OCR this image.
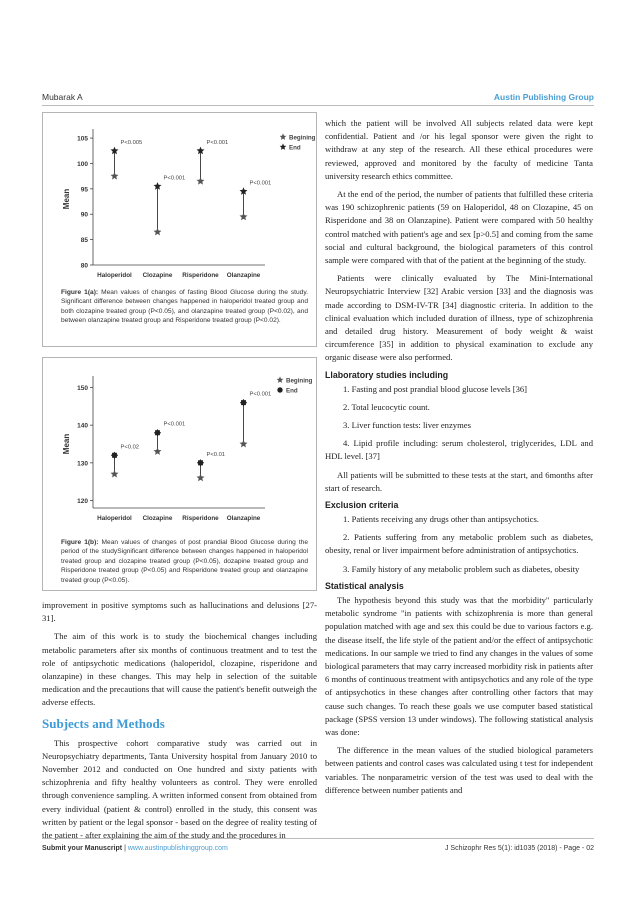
Mubarak A	Austin Publishing Group
80
85
90
95
100
105
Mean
Haloperidol Clozapine Risperidone Olanzapine
P<0.005
P<0.001
P<0.001
P<0.001
Begining
End
Figure 1(a): Mean values of changes of fasting Blood Glucose during the study. Significant difference between changes happened in haloperidol treated group and both clozapine treated group (P<0.05), and olanzapine treated group (P<0.02), and between olanzapine treated group and Risperidone treated group (P<0.02).
120
130
140
150
Mean
Haloperidol Clozapine Risperidone Olanzapine
P<0.02
P<0.001
P<0.01
P<0.001
Begining
End
Figure 1(b): Mean values of changes of post prandial Blood Glucose during the period of the studySignificant difference between changes happened in haloperidol treated group and clozapine treated group (P<0.05), dozapine treated group and Risperidone treated group (P<0.05) and Risperidone treated group and olanzapine treated group (P<0.05).

improvement in positive symptoms such as hallucinations and delusions [27-31].

The aim of this work is to study the biochemical changes including metabolic parameters after six months of continuous treatment and to test the role of antipsychotic medications (haloperidol, clozapine, risperidone and olanzapine) in these changes. This may help in selection of the suitable medication and the precautions that will cause the patient's benefit outweigh the adverse effects.

Subjects and Methods

This prospective cohort comparative study was carried out in Neuropsychiatry departments, Tanta University hospital from January 2010 to November 2012 and conducted on One hundred and sixty patients with schizophrenia and fifty healthy volunteers as control. They were enrolled through convenience sampling. A written informed consent from obtained from every individual (patient & control) enrolled in the study, this consent was written by patient or the legal sponsor - based on the degree of reality testing of the patient - after explaining the aim of the study and the procedures in

which the patient will be involved All subjects related data were kept confidential. Patient and /or his legal sponsor were given the right to withdraw at any step of the research. All these ethical procedures were reviewed, approved and monitored by the faculty of medicine Tanta university research ethics committee.

At the end of the period, the number of patients that fulfilled these criteria was 190 schizophrenic patients (59 on Haloperidol, 48 on Clozapine, 45 on Risperidone and 38 on Olanzapine). Patient were compared with 50 healthy control matched with patient's age and sex [p>0.5] and coming from the same social and cultural background, the biological parameters of this control sample were compared with that of the patient at the beginning of the study.

Patients were clinically evaluated by The Mini-International Neuropsychiatric Interview [32] Arabic version [33] and the diagnosis was made according to DSM-IV-TR [34] diagnostic criteria. In addition to the clinical evaluation which included duration of illness, type of schizophrenia and detailed drug history. Measurement of body weight & waist circumference [35] in addition to physical examination to exclude any organic disease were also performed.

Llaboratory studies including
1. Fasting and post prandial blood glucose levels [36]
2. Total leucocytic count.
3. Liver function tests: liver enzymes
4. Lipid profile including: serum cholesterol, triglycerides, LDL and HDL level. [37]

All patients will be submitted to these tests at the start, and 6months after start of research.

Exclusion criteria
1. Patients receiving any drugs other than antipsychotics.
2. Patients suffering from any metabolic problem such as diabetes, obesity, renal or liver impairment before administration of antipsychotics.
3. Family history of any metabolic problem such as diabetes, obesity
Statistical analysis

The hypothesis beyond this study was that the morbidity" particularly metabolic syndrome "in patients with schizophrenia is more than general population matched with age and sex this could be due to various factors e.g. the disease itself, the life style of the patient and/or the effect of antipsychotic medications. In our sample we tried to find any changes in the values of some biological parameters that may carry increased morbidity risk in patients after 6 months of continuous treatment with antipsychotics and any role of the type of antipsychotics in these changes after controlling other factors that may cause such changes. To reach these goals we use computer based statistical package (SPSS version 13 under windows). The following statistical analysis was done:

The difference in the mean values of the studied biological parameters between patients and control cases was calculated using t test for independent variables. The nonparametric version of the test was used to deal with the difference between number patients and

Submit your Manuscript | www.austinpublishinggroup.com	J Schizophr Res 5(1): id1035 (2018) - Page - 02
